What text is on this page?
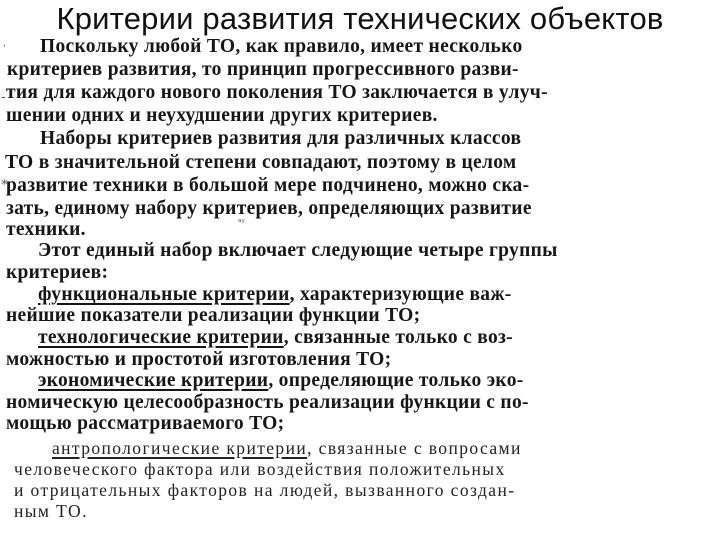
Критерии развития технических объектов
'
-
*
ᵃʸ
Поскольку любой ТО, как правило, имеет несколько
критериев развития, то принцип прогрессивного разви-
тия для каждого нового поколения ТО заключается в улуч-
шении одних и неухудшении других критериев.
Наборы критериев развития для различных классов
ТО в значительной степени совпадают, поэтому в целом
развитие техники в большой мере подчинено, можно ска-
зать, единому набору критериев, определяющих развитие
техники.
Этот единый набор включает следующие четыре группы
критериев:
функциональные критерии, характеризующие важ-
нейшие показатели реализации функции ТО;
технологические критерии, связанные только с воз-
можностью и простотой изготовления ТО;
экономические критерии, определяющие только эко-
номическую целесообразность реализации функции с по-
мощью рассматриваемого ТО;
антропологические критерии, связанные с вопросами
человеческого фактора или воздействия положительных
и отрицательных факторов на людей, вызванного создан-
ным ТО.
